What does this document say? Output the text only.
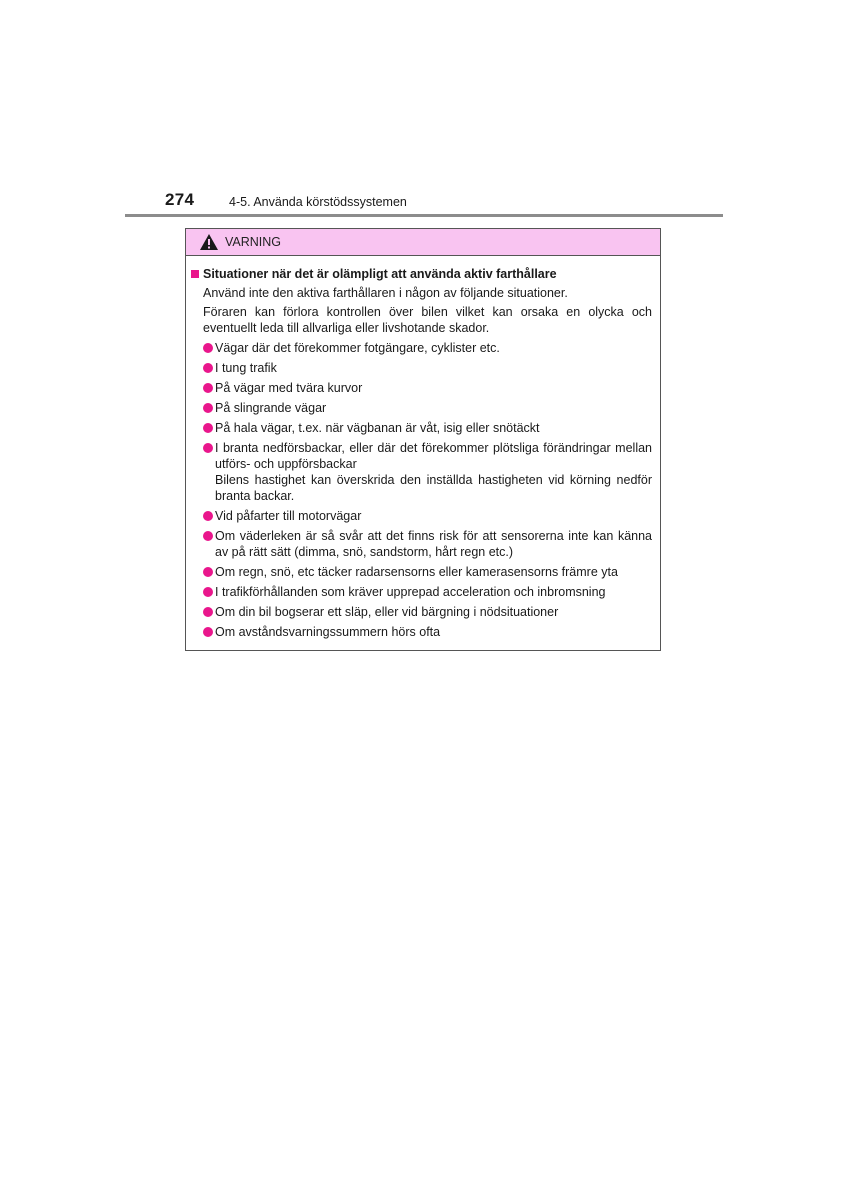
274	4-5. Använda körstödssystemen
VARNING
Situationer när det är olämpligt att använda aktiv farthållare
Använd inte den aktiva farthållaren i någon av följande situationer.
Föraren kan förlora kontrollen över bilen vilket kan orsaka en olycka och eventuellt leda till allvarliga eller livshotande skador.
Vägar där det förekommer fotgängare, cyklister etc.
I tung trafik
På vägar med tvära kurvor
På slingrande vägar
På hala vägar, t.ex. när vägbanan är våt, isig eller snötäckt
I branta nedförsbackar, eller där det förekommer plötsliga förändringar mellan utförs- och uppförsbackar
Bilens hastighet kan överskrida den inställda hastigheten vid körning nedför branta backar.
Vid påfarter till motorvägar
Om väderleken är så svår att det finns risk för att sensorerna inte kan känna av på rätt sätt (dimma, snö, sandstorm, hårt regn etc.)
Om regn, snö, etc täcker radarsensorns eller kamerasensorns främre yta
I trafikförhållanden som kräver upprepad acceleration och inbromsning
Om din bil bogserar ett släp, eller vid bärgning i nödsituationer
Om avståndsvarningssummern hörs ofta
